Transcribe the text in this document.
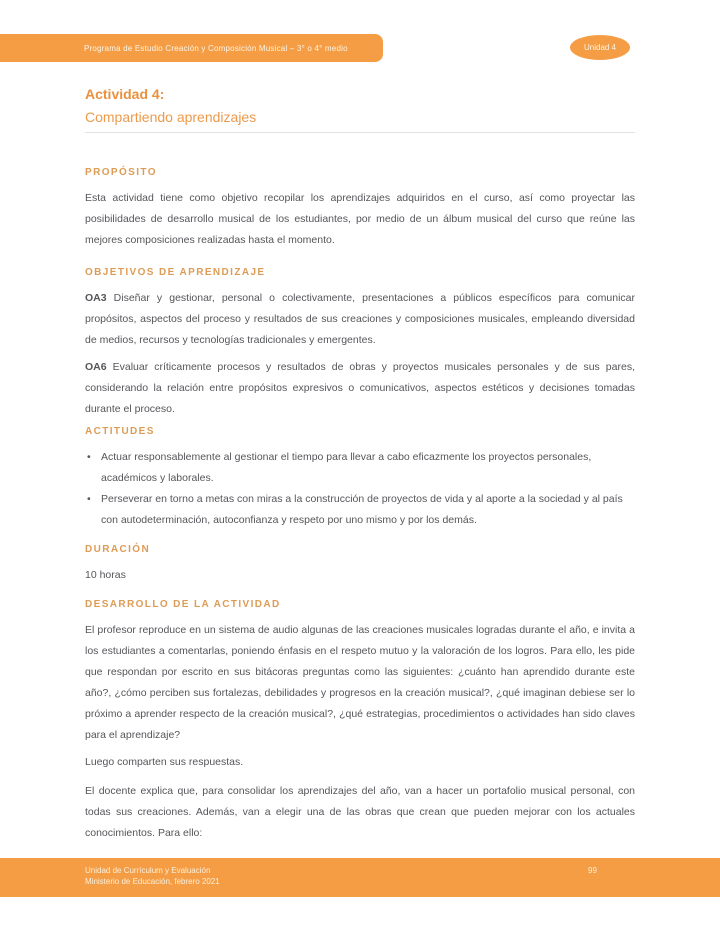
Programa de Estudio Creación y Composición Musical – 3° o 4° medio	Unidad 4
Actividad 4:
Compartiendo aprendizajes
PROPÓSITO

Esta actividad tiene como objetivo recopilar los aprendizajes adquiridos en el curso, así como proyectar las posibilidades de desarrollo musical de los estudiantes, por medio de un álbum musical del curso que reúne las mejores composiciones realizadas hasta el momento.

OBJETIVOS DE APRENDIZAJE

OA3 Diseñar y gestionar, personal o colectivamente, presentaciones a públicos específicos para comunicar propósitos, aspectos del proceso y resultados de sus creaciones y composiciones musicales, empleando diversidad de medios, recursos y tecnologías tradicionales y emergentes.

OA6 Evaluar críticamente procesos y resultados de obras y proyectos musicales personales y de sus pares, considerando la relación entre propósitos expresivos o comunicativos, aspectos estéticos y decisiones tomadas durante el proceso.

ACTITUDES
• Actuar responsablemente al gestionar el tiempo para llevar a cabo eficazmente los proyectos personales, académicos y laborales.
• Perseverar en torno a metas con miras a la construcción de proyectos de vida y al aporte a la sociedad y al país con autodeterminación, autoconfianza y respeto por uno mismo y por los demás.
DURACIÓN

10 horas

DESARROLLO DE LA ACTIVIDAD

El profesor reproduce en un sistema de audio algunas de las creaciones musicales logradas durante el año, e invita a los estudiantes a comentarlas, poniendo énfasis en el respeto mutuo y la valoración de los logros. Para ello, les pide que respondan por escrito en sus bitácoras preguntas como las siguientes: ¿cuánto han aprendido durante este año?, ¿cómo perciben sus fortalezas, debilidades y progresos en la creación musical?, ¿qué imaginan debiese ser lo próximo a aprender respecto de la creación musical?, ¿qué estrategias, procedimientos o actividades han sido claves para el aprendizaje?

Luego comparten sus respuestas.

El docente explica que, para consolidar los aprendizajes del año, van a hacer un portafolio musical personal, con todas sus creaciones. Además, van a elegir una de las obras que crean que pueden mejorar con los actuales conocimientos. Para ello:

Unidad de Currículum y Evaluación
Ministerio de Educación, febrero 2021
99
